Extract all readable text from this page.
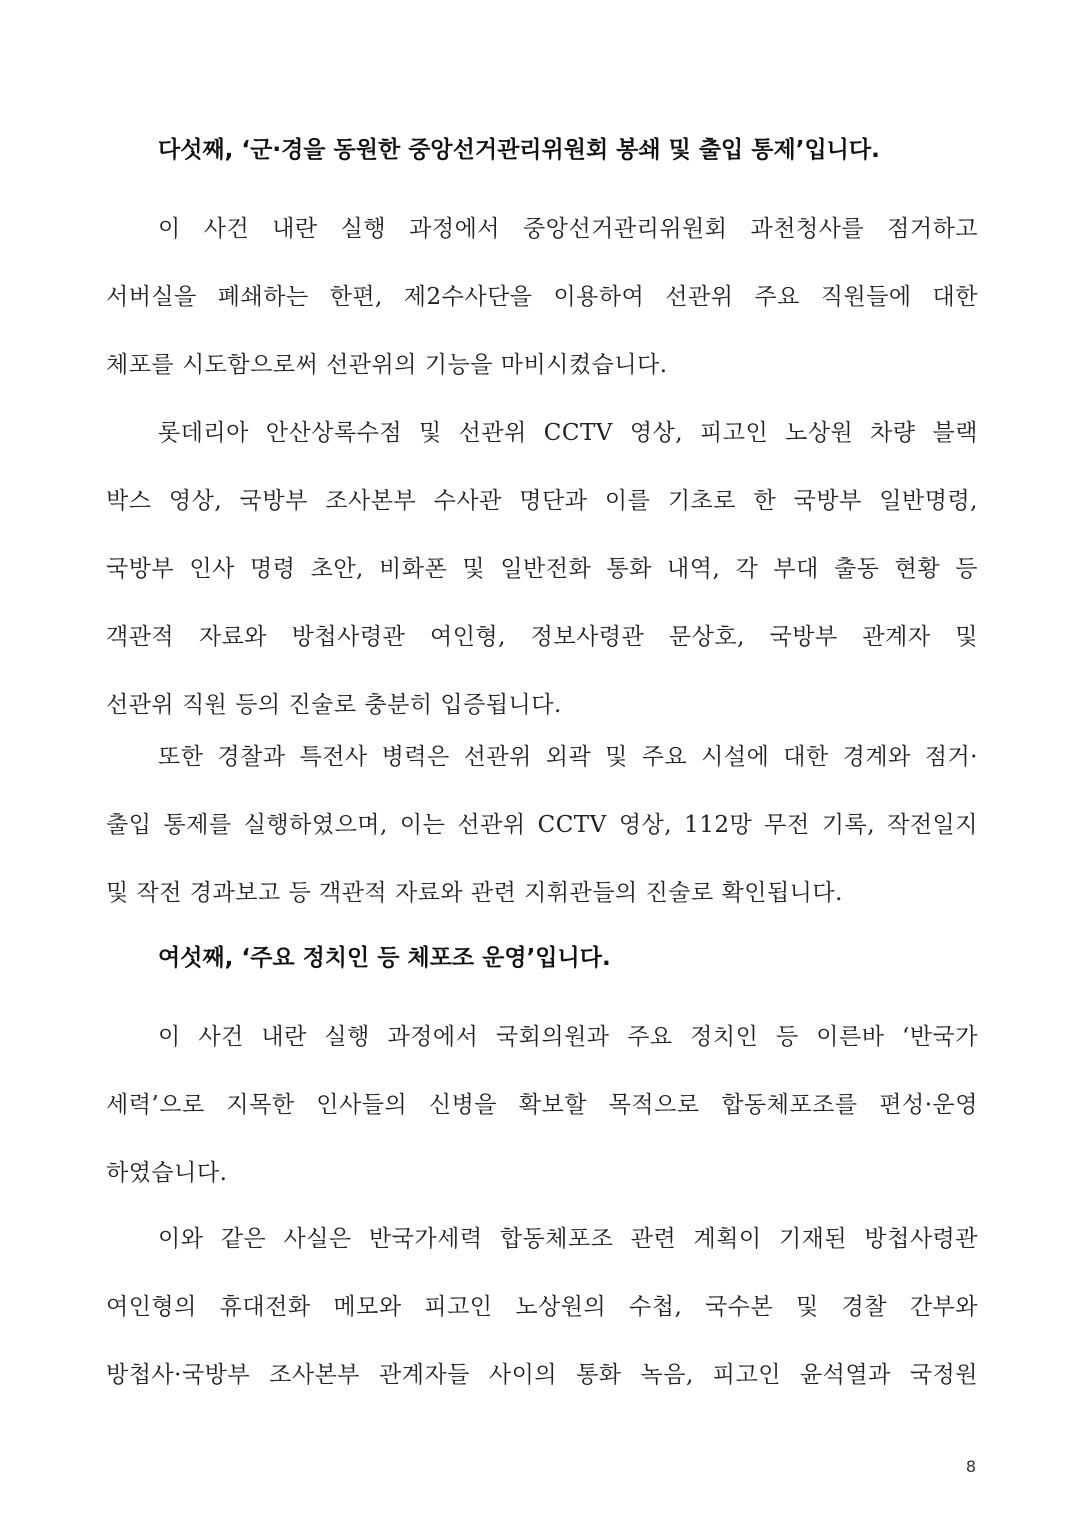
다섯째, ‘군·경을 동원한 중앙선거관리위원회 봉쇄 및 출입 통제’입니다.
이 사건 내란 실행 과정에서 중앙선거관리위원회 과천청사를 점거하고
서버실을 폐쇄하는 한편, 제2수사단을 이용하여 선관위 주요 직원들에 대한
체포를 시도함으로써 선관위의 기능을 마비시켰습니다.
롯데리아 안산상록수점 및 선관위 CCTV 영상, 피고인 노상원 차량 블랙
박스 영상, 국방부 조사본부 수사관 명단과 이를 기초로 한 국방부 일반명령,
국방부 인사 명령 초안, 비화폰 및 일반전화 통화 내역, 각 부대 출동 현황 등
객관적 자료와 방첩사령관 여인형, 정보사령관 문상호, 국방부 관계자 및
선관위 직원 등의 진술로 충분히 입증됩니다.
또한 경찰과 특전사 병력은 선관위 외곽 및 주요 시설에 대한 경계와 점거·
출입 통제를 실행하였으며, 이는 선관위 CCTV 영상, 112망 무전 기록, 작전일지
및 작전 경과보고 등 객관적 자료와 관련 지휘관들의 진술로 확인됩니다.
여섯째, ‘주요 정치인 등 체포조 운영’입니다.
이 사건 내란 실행 과정에서 국회의원과 주요 정치인 등 이른바 ‘반국가
세력’으로 지목한 인사들의 신병을 확보할 목적으로 합동체포조를 편성·운영
하였습니다.
이와 같은 사실은 반국가세력 합동체포조 관련 계획이 기재된 방첩사령관
여인형의 휴대전화 메모와 피고인 노상원의 수첩, 국수본 및 경찰 간부와
방첩사·국방부 조사본부 관계자들 사이의 통화 녹음, 피고인 윤석열과 국정원
8
